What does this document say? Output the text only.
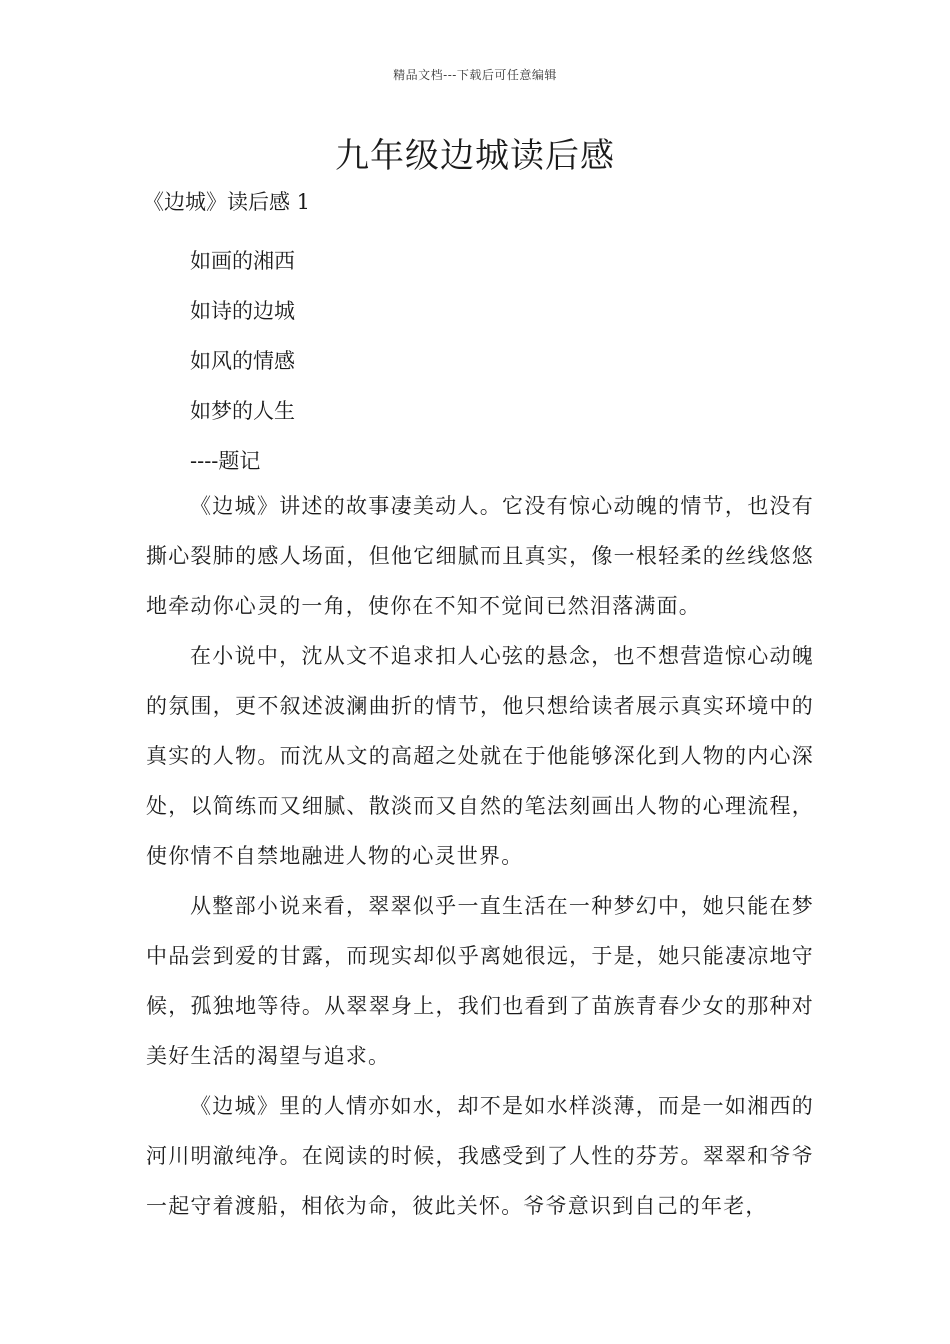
精品文档---下载后可任意编辑
九年级边城读后感
《边城》读后感 1
如画的湘西
如诗的边城
如风的情感
如梦的人生
----题记

《边城》讲述的故事凄美动人。它没有惊心动魄的情节，也没有撕心裂肺的感人场面，但他它细腻而且真实，像一根轻柔的丝线悠悠地牵动你心灵的一角，使你在不知不觉间已然泪落满面。

在小说中，沈从文不追求扣人心弦的悬念，也不想营造惊心动魄的氛围，更不叙述波澜曲折的情节，他只想给读者展示真实环境中的真实的人物。而沈从文的高超之处就在于他能够深化到人物的内心深处，以简练而又细腻、散淡而又自然的笔法刻画出人物的心理流程，使你情不自禁地融进人物的心灵世界。

从整部小说来看，翠翠似乎一直生活在一种梦幻中，她只能在梦中品尝到爱的甘露，而现实却似乎离她很远，于是，她只能凄凉地守候，孤独地等待。从翠翠身上，我们也看到了苗族青春少女的那种对美好生活的渴望与追求。

《边城》里的人情亦如水，却不是如水样淡薄，而是一如湘西的河川明澈纯净。在阅读的时候，我感受到了人性的芬芳。翠翠和爷爷一起守着渡船，相依为命，彼此关怀。爷爷意识到自己的年老，
